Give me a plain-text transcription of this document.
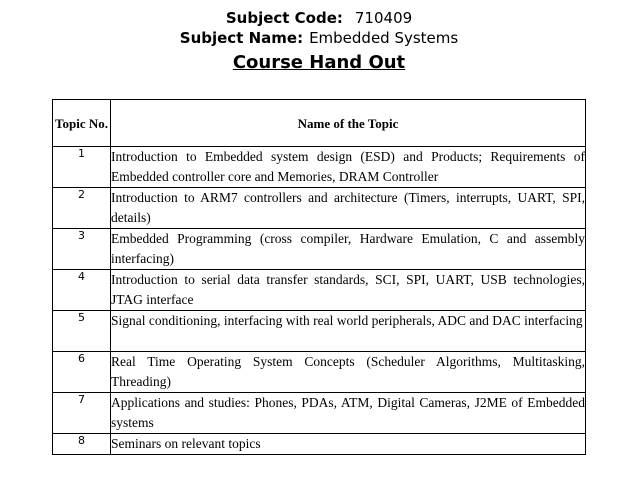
Subject Code: 710409
Subject Name: Embedded Systems
Course Hand Out
Topic No.	Name of the Topic
1	Introduction to Embedded system design (ESD) and Products; Requirements of Embedded controller core and Memories, DRAM Controller
2	Introduction to ARM7 controllers and architecture (Timers, interrupts, UART, SPI, details)
3	Embedded Programming (cross compiler, Hardware Emulation, C and assembly interfacing)
4	Introduction to serial data transfer standards, SCI, SPI, UART, USB technologies, JTAG interface
5	Signal conditioning, interfacing with real world peripherals, ADC and DAC interfacing
6	Real Time Operating System Concepts (Scheduler Algorithms, Multitasking, Threading)
7	Applications and studies: Phones, PDAs, ATM, Digital Cameras, J2ME of Embedded systems
8	Seminars on relevant topics
